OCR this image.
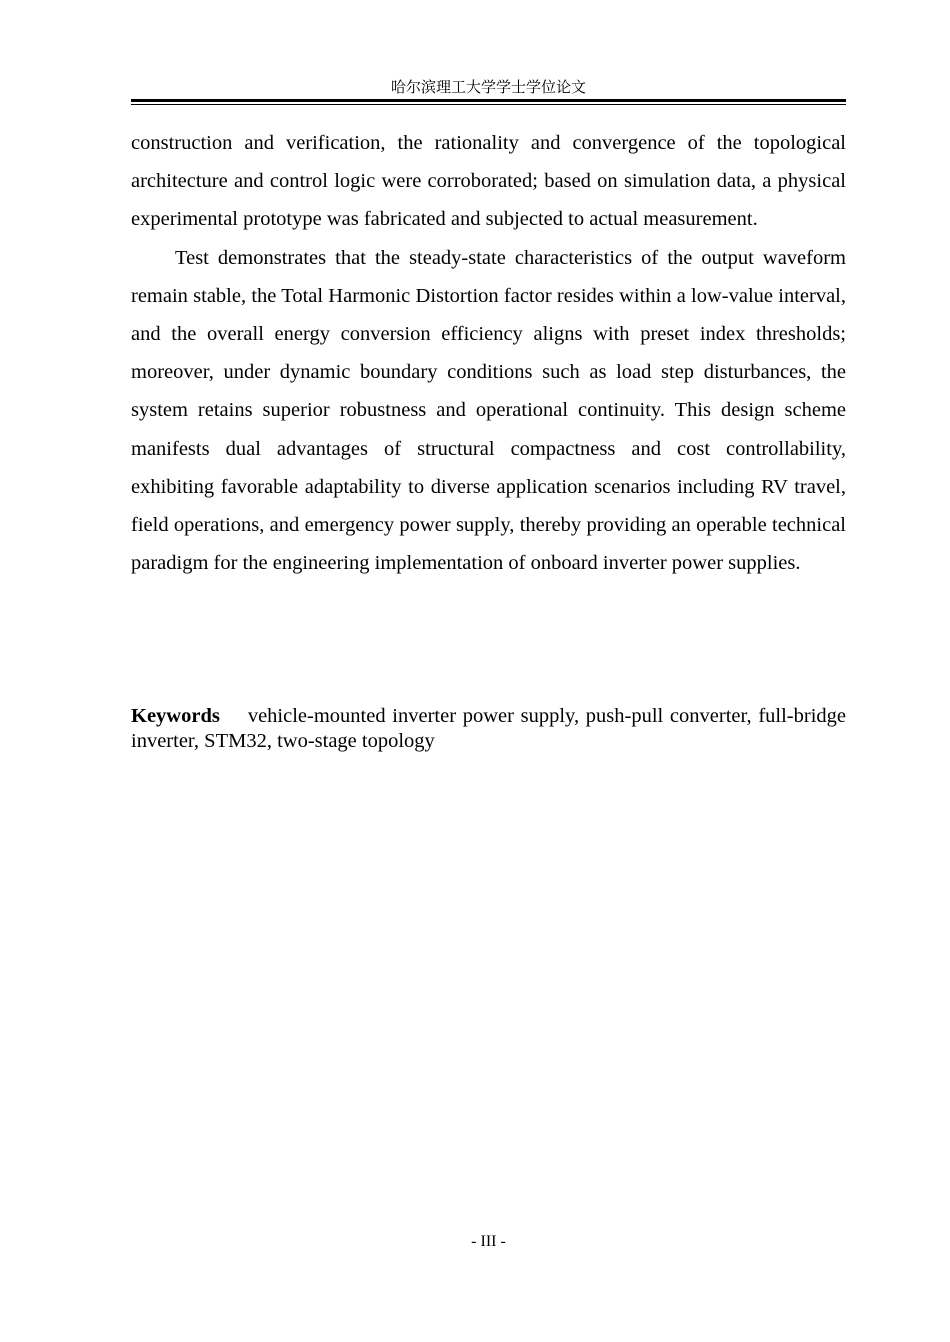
哈尔滨理工大学学士学位论文

construction and verification, the rationality and convergence of the topological architecture and control logic were corroborated; based on simulation data, a physical experimental prototype was fabricated and subjected to actual measurement.

Test demonstrates that the steady-state characteristics of the output waveform remain stable, the Total Harmonic Distortion factor resides within a low-value interval, and the overall energy conversion efficiency aligns with preset index thresholds; moreover, under dynamic boundary conditions such as load step disturbances, the system retains superior robustness and operational continuity. This design scheme manifests dual advantages of structural compactness and cost controllability, exhibiting favorable adaptability to diverse application scenarios including RV travel, field operations, and emergency power supply, thereby providing an operable technical paradigm for the engineering implementation of onboard inverter power supplies.

Keywords vehicle-mounted inverter power supply, push-pull converter, full-bridge inverter, STM32, two-stage topology
- III -
